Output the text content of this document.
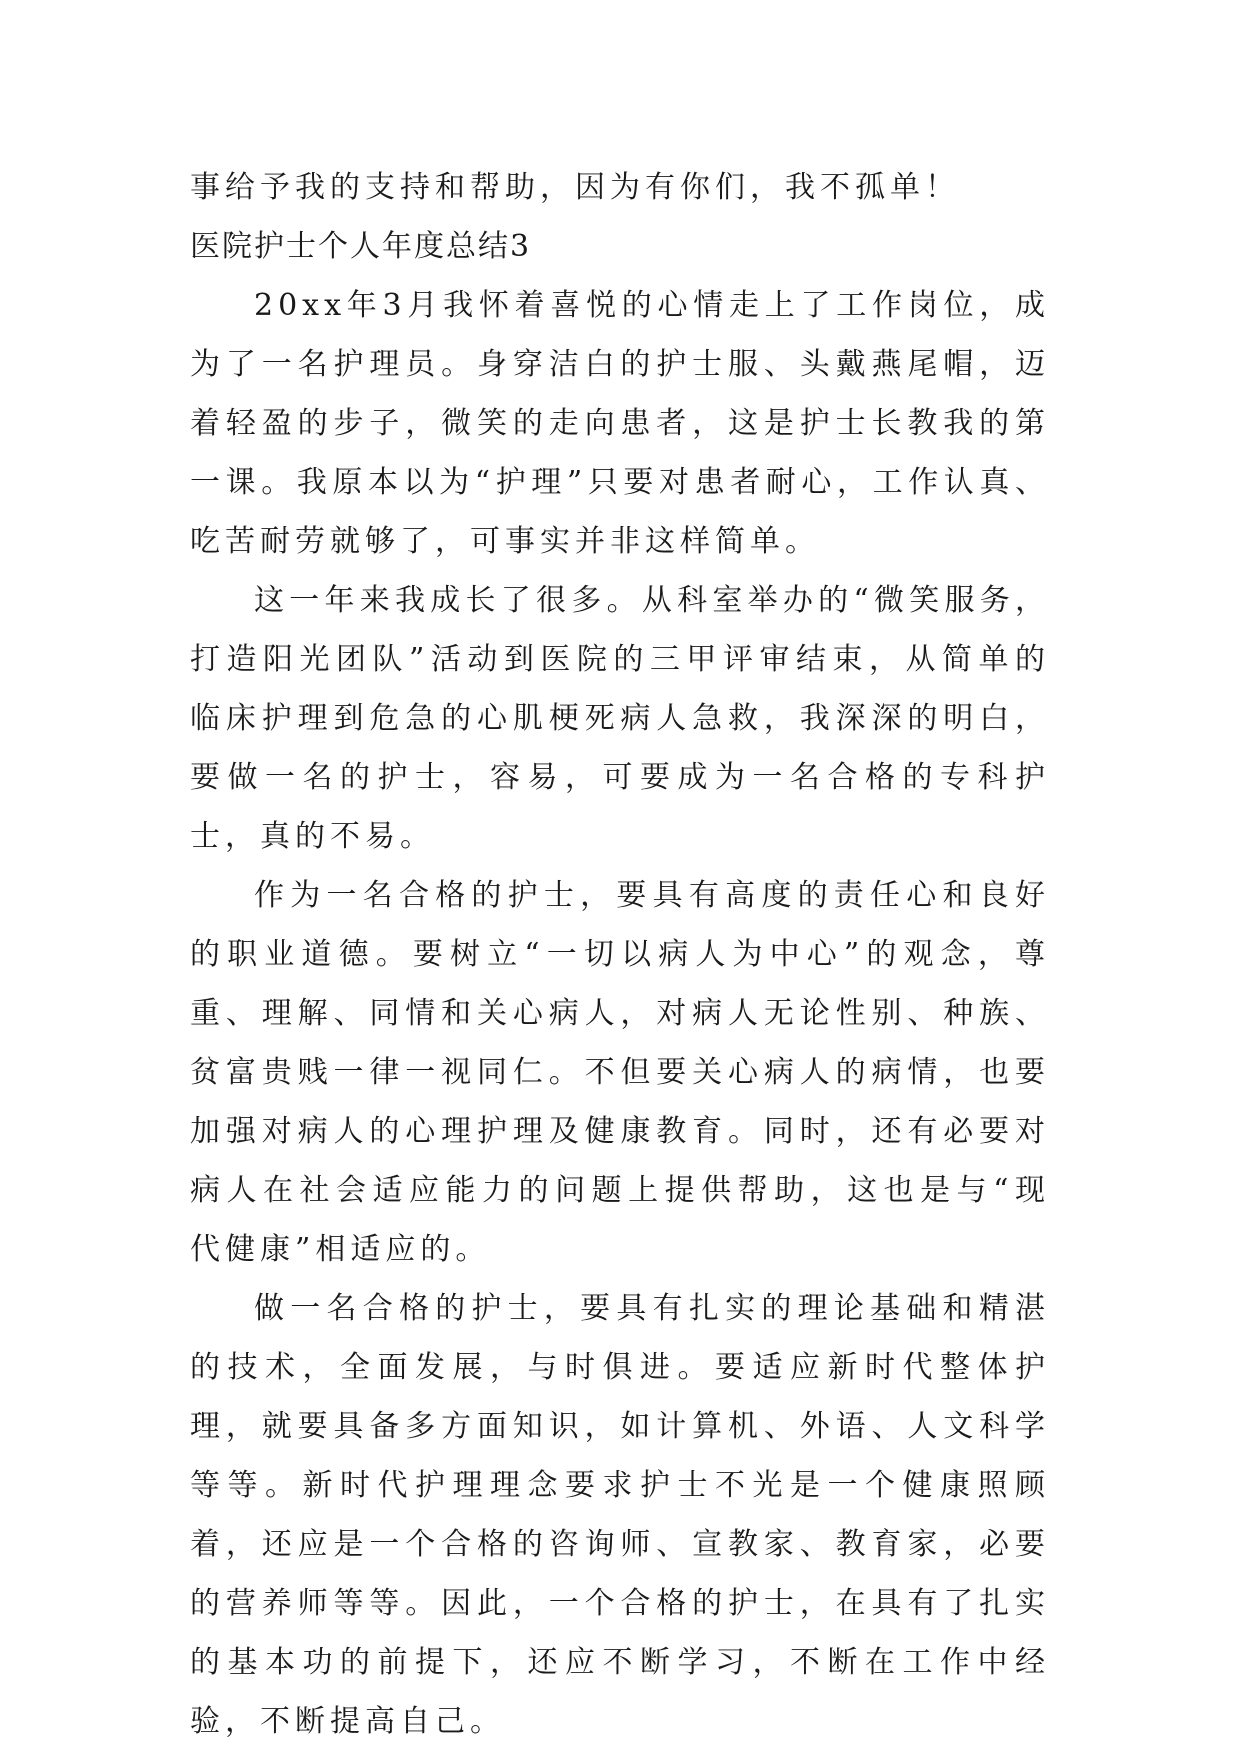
事给予我的支持和帮助，因为有你们，我不孤单！

医院护士个人年度总结3

20xx年3月我怀着喜悦的心情走上了工作岗位，成为了一名护理员。身穿洁白的护士服、头戴燕尾帽，迈着轻盈的步子，微笑的走向患者，这是护士长教我的第一课。我原本以为“护理”只要对患者耐心，工作认真、吃苦耐劳就够了，可事实并非这样简单。

这一年来我成长了很多。从科室举办的“微笑服务，打造阳光团队”活动到医院的三甲评审结束，从简单的临床护理到危急的心肌梗死病人急救，我深深的明白，要做一名的护士，容易，可要成为一名合格的专科护士，真的不易。

作为一名合格的护士，要具有高度的责任心和良好的职业道德。要树立“一切以病人为中心”的观念，尊重、理解、同情和关心病人，对病人无论性别、种族、贫富贵贱一律一视同仁。不但要关心病人的病情，也要加强对病人的心理护理及健康教育。同时，还有必要对病人在社会适应能力的问题上提供帮助，这也是与“现代健康”相适应的。

做一名合格的护士，要具有扎实的理论基础和精湛的技术，全面发展，与时俱进。要适应新时代整体护理，就要具备多方面知识，如计算机、外语、人文科学等等。新时代护理理念要求护士不光是一个健康照顾着，还应是一个合格的咨询师、宣教家、教育家，必要的营养师等等。因此，一个合格的护士，在具有了扎实的基本功的前提下，还应不断学习，不断在工作中经验，不断提高自己。
